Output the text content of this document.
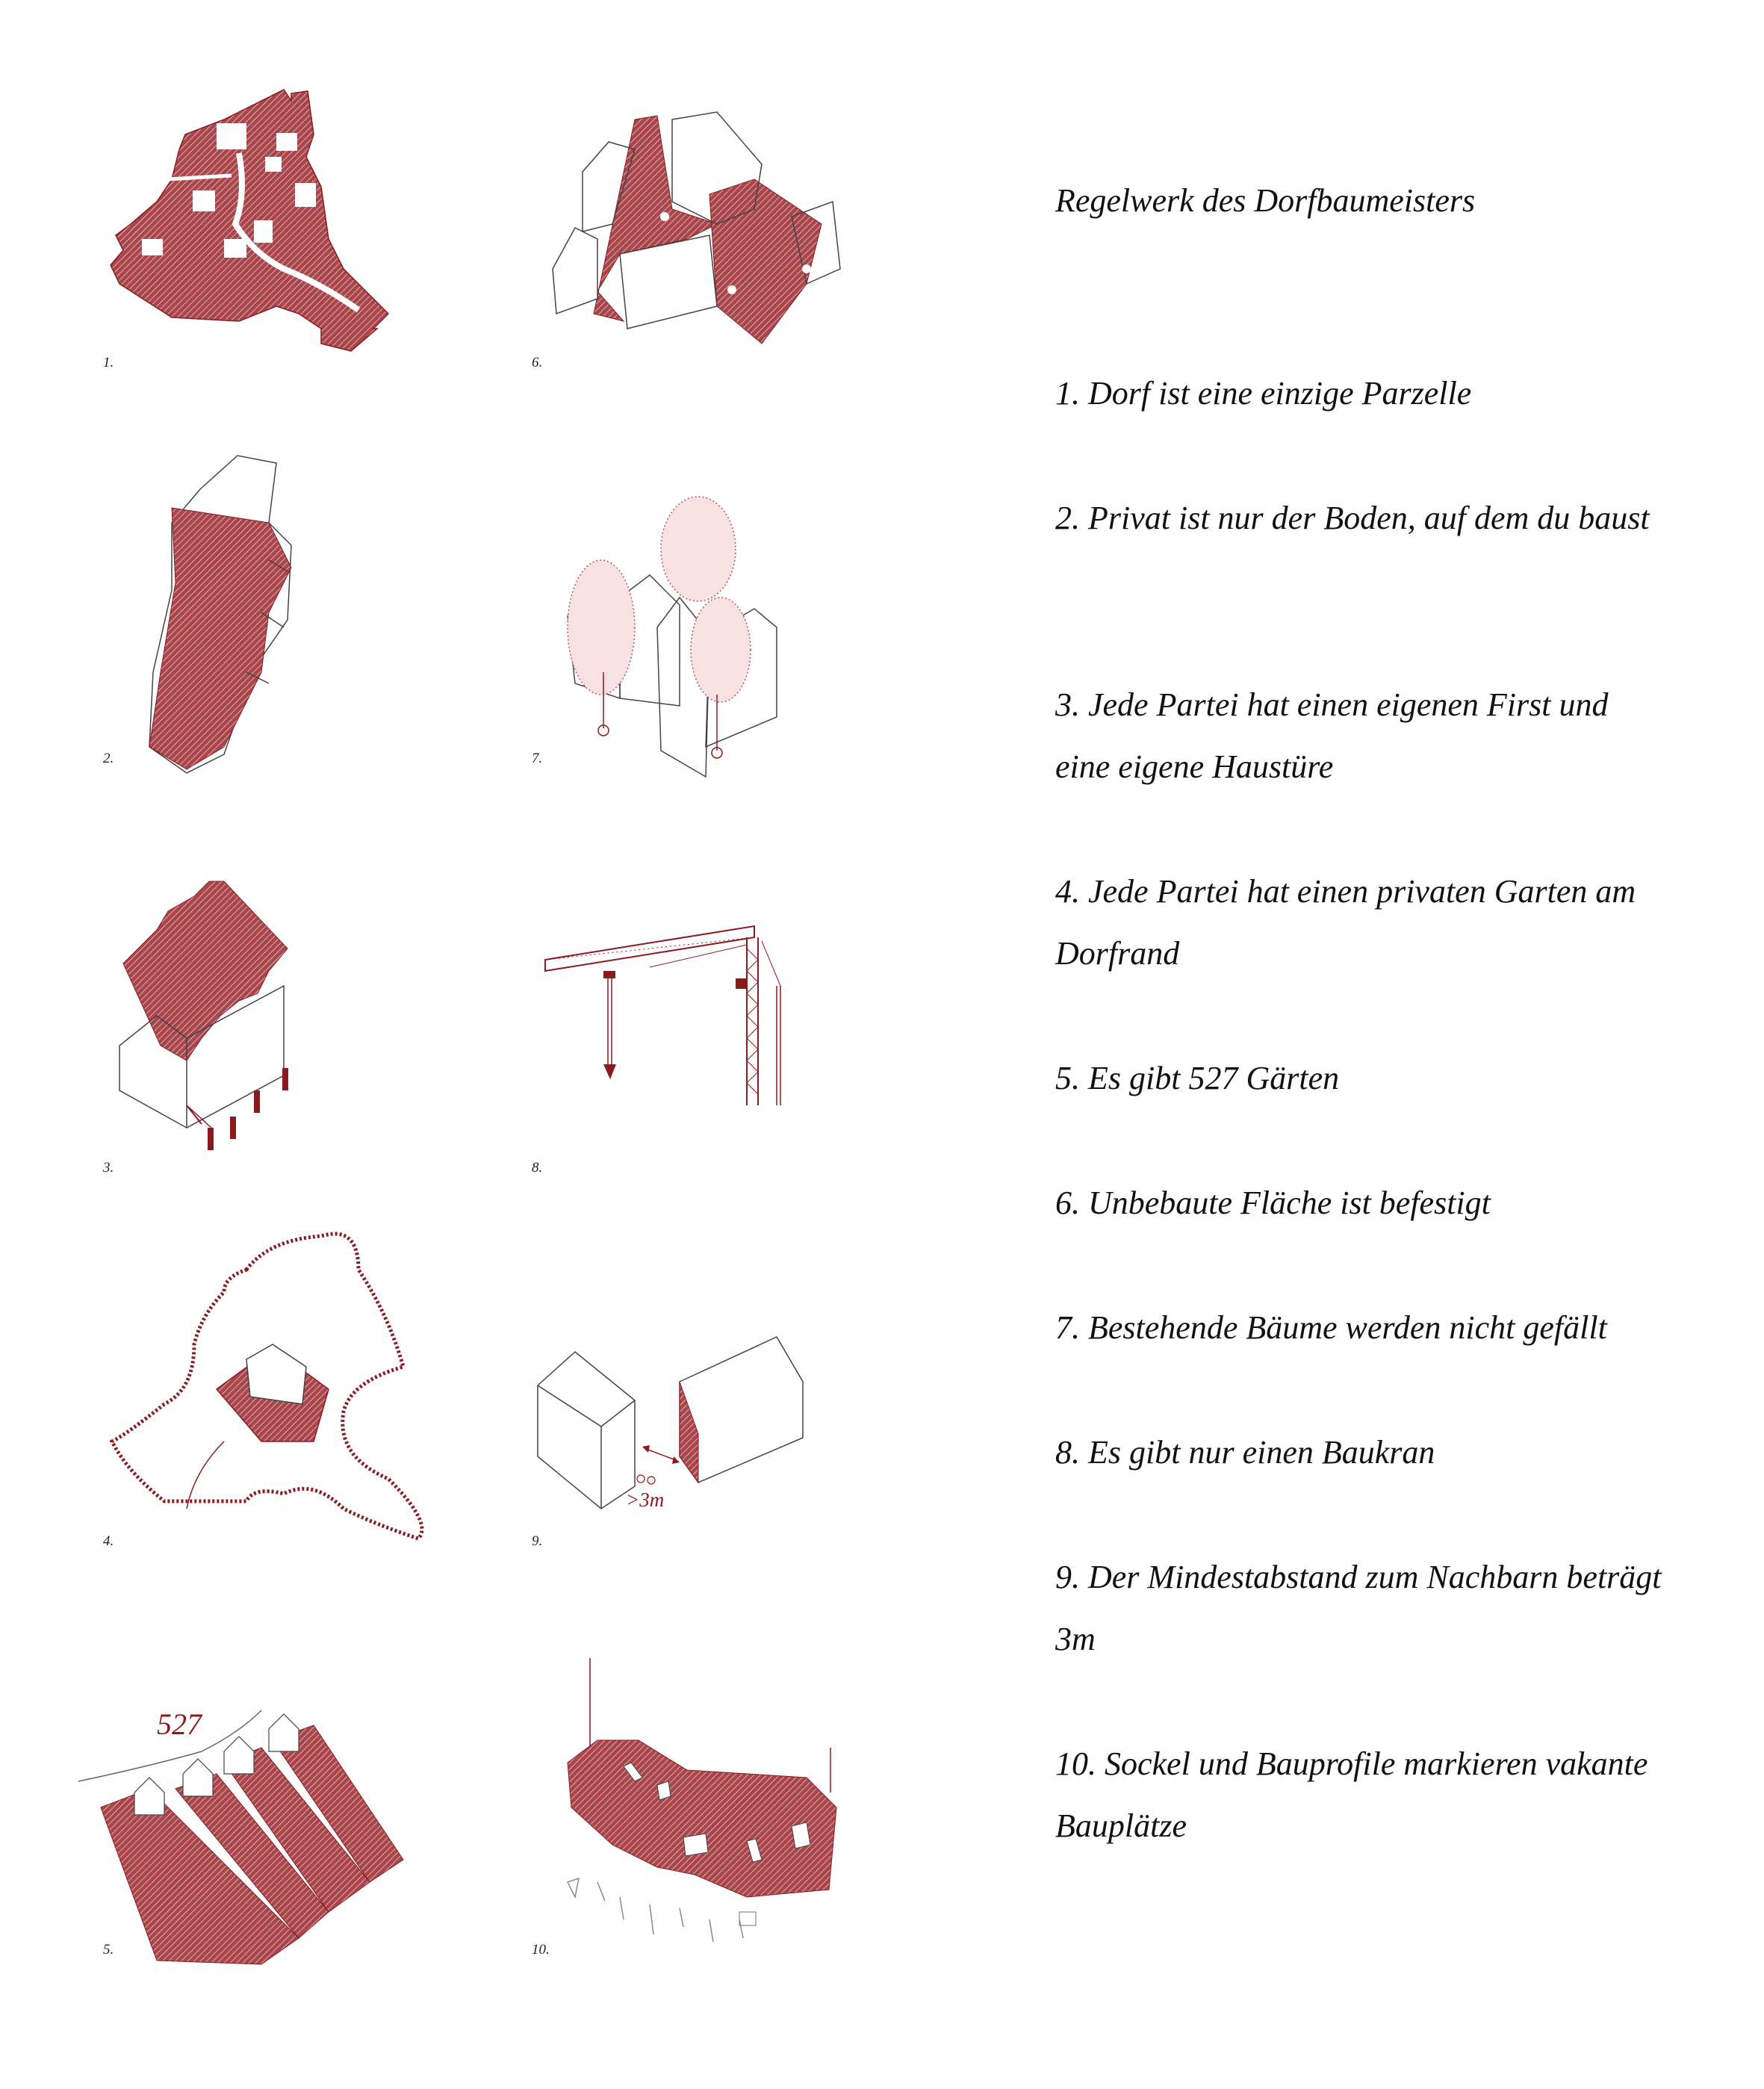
Regelwerk des Dorfbaumeisters
1. Dorf ist eine einzige Parzelle
2. Privat ist nur der Boden, auf dem du baust
3. Jede Partei hat einen eigenen First und eine eigene Haustüre
4. Jede Partei hat einen privaten Garten am Dorfrand
5. Es gibt 527 Gärten
6. Unbebaute Fläche ist befestigt
7. Bestehende Bäume werden nicht gefällt
8. Es gibt nur einen Baukran
9. Der Mindestabstand zum Nachbarn beträgt 3m
10. Sockel und Bauprofile markieren vakante Bauplätze
1.
2.
3.
4.
527
5.
6.
7.
8.
>3m
9.
10.
